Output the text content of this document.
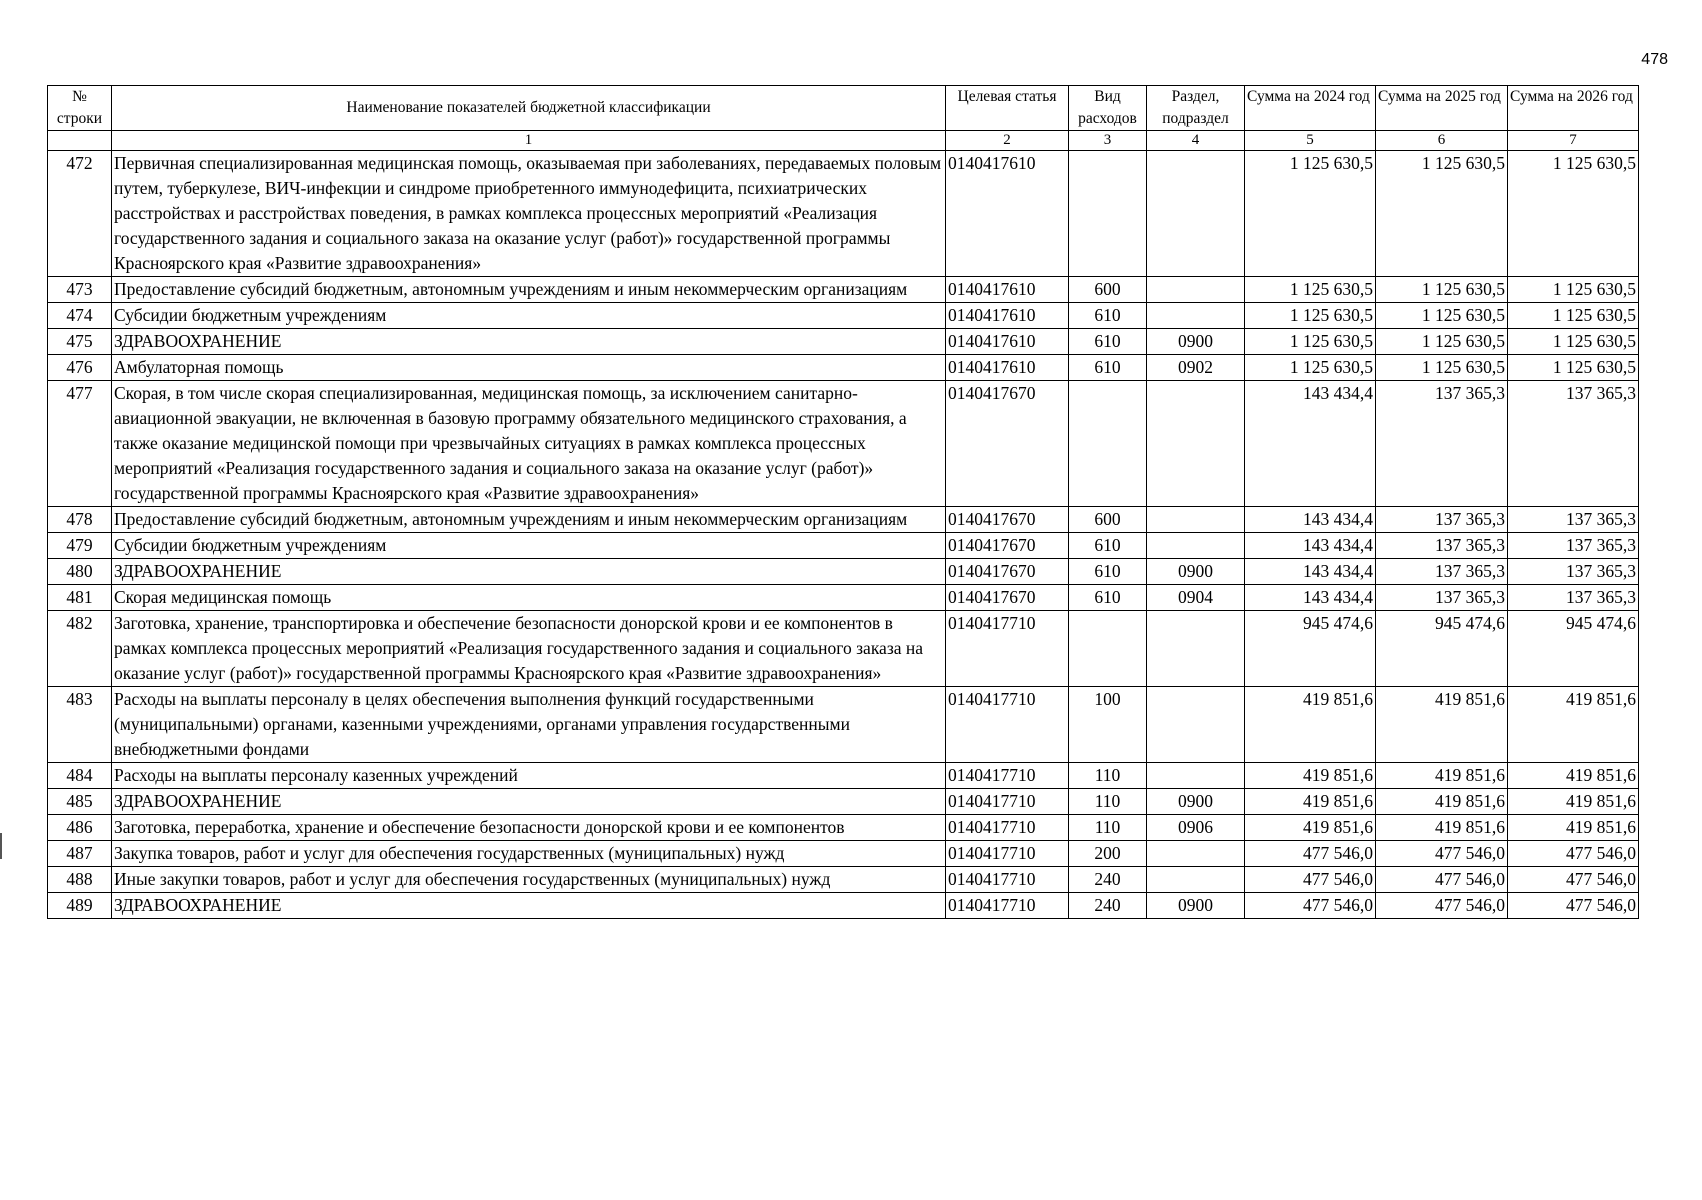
478
№ строки	Наименование показателей бюджетной классификации	Целевая статья	Вид расходов	Раздел, подраздел	Сумма на 2024 год	Сумма на 2025 год	Сумма на 2026 год
	1	2	3	4	5	6	7
472	Первичная специализированная медицинская помощь, оказываемая при заболеваниях, передаваемых половым путем, туберкулезе, ВИЧ-инфекции и синдроме приобретенного иммунодефицита, психиатрических расстройствах и расстройствах поведения, в рамках комплекса процессных мероприятий «Реализация государственного задания и социального заказа на оказание услуг (работ)» государственной программы Красноярского края «Развитие здравоохранения»	0140417610			1 125 630,5	1 125 630,5	1 125 630,5
473	Предоставление субсидий бюджетным, автономным учреждениям и иным некоммерческим организациям	0140417610	600		1 125 630,5	1 125 630,5	1 125 630,5
474	Субсидии бюджетным учреждениям	0140417610	610		1 125 630,5	1 125 630,5	1 125 630,5
475	ЗДРАВООХРАНЕНИЕ	0140417610	610	0900	1 125 630,5	1 125 630,5	1 125 630,5
476	Амбулаторная помощь	0140417610	610	0902	1 125 630,5	1 125 630,5	1 125 630,5
477	Скорая, в том числе скорая специализированная, медицинская помощь, за исключением санитарно-авиационной эвакуации, не включенная в базовую программу обязательного медицинского страхования, а также оказание медицинской помощи при чрезвычайных ситуациях в рамках комплекса процессных мероприятий «Реализация государственного задания и социального заказа на оказание услуг (работ)» государственной программы Красноярского края «Развитие здравоохранения»	0140417670			143 434,4	137 365,3	137 365,3
478	Предоставление субсидий бюджетным, автономным учреждениям и иным некоммерческим организациям	0140417670	600		143 434,4	137 365,3	137 365,3
479	Субсидии бюджетным учреждениям	0140417670	610		143 434,4	137 365,3	137 365,3
480	ЗДРАВООХРАНЕНИЕ	0140417670	610	0900	143 434,4	137 365,3	137 365,3
481	Скорая медицинская помощь	0140417670	610	0904	143 434,4	137 365,3	137 365,3
482	Заготовка, хранение, транспортировка и обеспечение безопасности донорской крови и ее компонентов в рамках комплекса процессных мероприятий «Реализация государственного задания и социального заказа на оказание услуг (работ)» государственной программы Красноярского края «Развитие здравоохранения»	0140417710			945 474,6	945 474,6	945 474,6
483	Расходы на выплаты персоналу в целях обеспечения выполнения функций государственными (муниципальными) органами, казенными учреждениями, органами управления государственными внебюджетными фондами	0140417710	100		419 851,6	419 851,6	419 851,6
484	Расходы на выплаты персоналу казенных учреждений	0140417710	110		419 851,6	419 851,6	419 851,6
485	ЗДРАВООХРАНЕНИЕ	0140417710	110	0900	419 851,6	419 851,6	419 851,6
486	Заготовка, переработка, хранение и обеспечение безопасности донорской крови и ее компонентов	0140417710	110	0906	419 851,6	419 851,6	419 851,6
487	Закупка товаров, работ и услуг для обеспечения государственных (муниципальных) нужд	0140417710	200		477 546,0	477 546,0	477 546,0
488	Иные закупки товаров, работ и услуг для обеспечения государственных (муниципальных) нужд	0140417710	240		477 546,0	477 546,0	477 546,0
489	ЗДРАВООХРАНЕНИЕ	0140417710	240	0900	477 546,0	477 546,0	477 546,0
